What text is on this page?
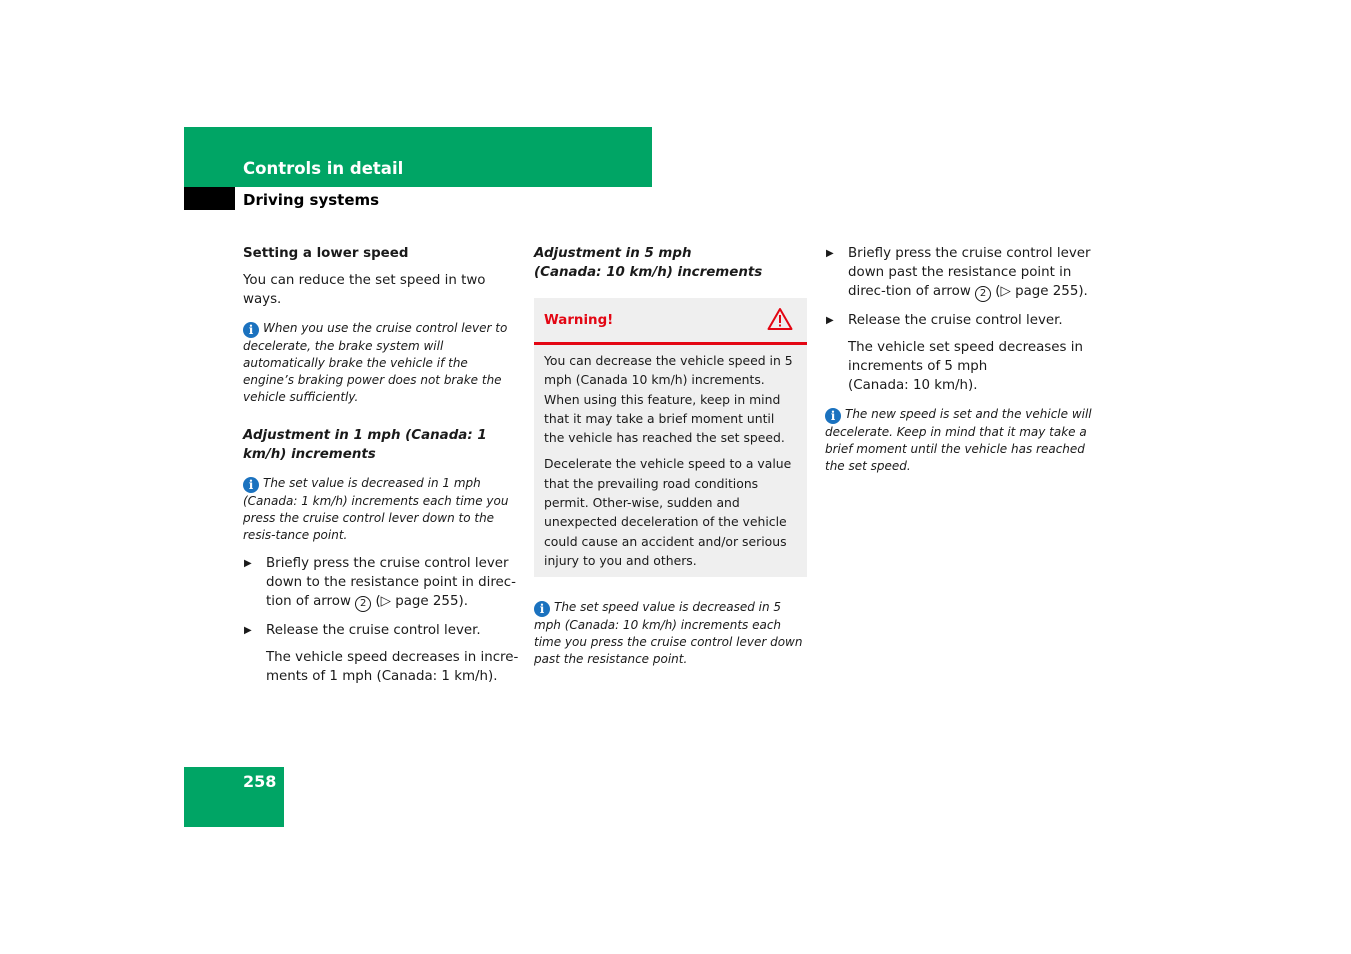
Controls in detail
Driving systems

Setting a lower speed

You can reduce the set speed in two ways.

i When you use the cruise control lever to decelerate, the brake system will automatically brake the vehicle if the engine’s braking power does not brake the vehicle sufficiently.

Adjustment in 1 mph (Canada: 1 km/h) increments

i The set value is decreased in 1 mph (Canada: 1 km/h) increments each time you press the cruise control lever down to the resis-tance point.

▶ Briefly press the cruise control lever down to the resistance point in direc-tion of arrow 2 (▷ page 255).

▶ Release the cruise control lever.

The vehicle speed decreases in incre-ments of 1 mph (Canada: 1 km/h).

Adjustment in 5 mph
(Canada: 10 km/h) increments

Warning!

You can decrease the vehicle speed in 5 mph (Canada 10 km/h) increments. When using this feature, keep in mind that it may take a brief moment until the vehicle has reached the set speed.

Decelerate the vehicle speed to a value that the prevailing road conditions permit. Other-wise, sudden and unexpected deceleration of the vehicle could cause an accident and/or serious injury to you and others.

i The set speed value is decreased in 5 mph (Canada: 10 km/h) increments each time you press the cruise control lever down past the resistance point.

▶ Briefly press the cruise control lever down past the resistance point in direc-tion of arrow 2 (▷ page 255).

▶ Release the cruise control lever.

The vehicle set speed decreases in increments of 5 mph
(Canada: 10 km/h).

i The new speed is set and the vehicle will decelerate. Keep in mind that it may take a brief moment until the vehicle has reached the set speed.

258
